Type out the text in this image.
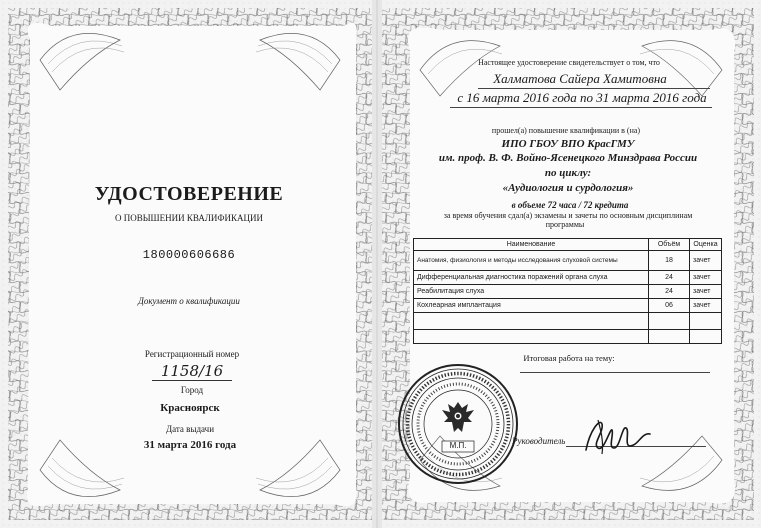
УДОСТОВЕРЕНИЕ
О ПОВЫШЕНИИ КВАЛИФИКАЦИИ
180000606686
Документ о квалификации
Регистрационный номер
1158/16
Город
Красноярск
Дата выдачи
31 марта 2016 года
Настоящее удостоверение свидетельствует о том, что
Халматова Сайера Хамитовна
с 16 марта 2016 года по 31 марта 2016 года
прошел(а) повышение квалификации в (на)
ИПО ГБОУ ВПО КрасГМУ
им. проф. В. Ф. Войно-Ясенецкого Минздрава России
по циклу:
«Аудиология и сурдология»
в объеме 72 часа / 72 кредита
за время обучения сдал(а) экзамены и зачеты по основным дисциплинам
программы
Наименование	Объём	Оценка
Анатомия, физиология и методы исследования слуховой системы	18	зачет
Дифференциальная диагностика поражений органа слуха	24	зачет
Реабилитация слуха	24	зачет
Кохлеарная имплантация	06	зачет

Итоговая работа на тему:
М.П.	Руководитель
